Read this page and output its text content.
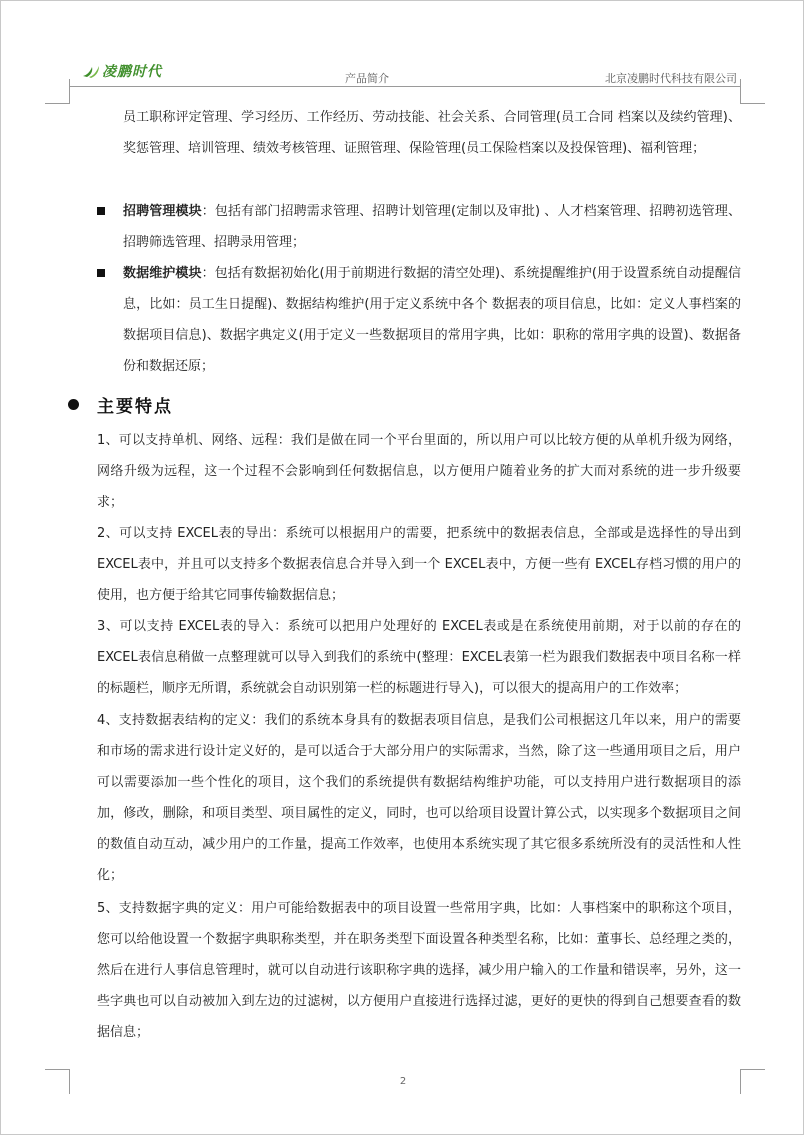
凌鹏时代	产品简介	北京凌鹏时代科技有限公司

员工职称评定管理、学习经历、工作经历、劳动技能、社会关系、合同管理(员工合同 档案以及续约管理)、奖惩管理、培训管理、绩效考核管理、证照管理、保险管理(员工保险档案以及投保管理)、福利管理；

招聘管理模块：包括有部门招聘需求管理、招聘计划管理(定制以及审批) 、人才档案管理、招聘初选管理、招聘筛选管理、招聘录用管理；

数据维护模块：包括有数据初始化(用于前期进行数据的清空处理)、系统提醒维护(用于设置系统自动提醒信息，比如：员工生日提醒)、数据结构维护(用于定义系统中各个 数据表的项目信息，比如：定义人事档案的数据项目信息)、数据字典定义(用于定义一些数据项目的常用字典，比如：职称的常用字典的设置)、数据备份和数据还原；

主要特点

1、可以支持单机、网络、远程：我们是做在同一个平台里面的，所以用户可以比较方便的从单机升级为网络，网络升级为远程，这一个过程不会影响到任何数据信息，以方便用户随着业务的扩大而对系统的进一步升级要求；

2、可以支持 EXCEL表的导出：系统可以根据用户的需要，把系统中的数据表信息，全部或是选择性的导出到 EXCEL表中，并且可以支持多个数据表信息合并导入到一个 EXCEL表中，方便一些有 EXCEL存档习惯的用户的使用，也方便于给其它同事传输数据信息；

3、可以支持 EXCEL表的导入：系统可以把用户处理好的 EXCEL表或是在系统使用前期，对于以前的存在的 EXCEL表信息稍做一点整理就可以导入到我们的系统中(整理：EXCEL表第一栏为跟我们数据表中项目名称一样的标题栏，顺序无所谓，系统就会自动识别第一栏的标题进行导入)，可以很大的提高用户的工作效率；

4、支持数据表结构的定义：我们的系统本身具有的数据表项目信息，是我们公司根据这几年以来，用户的需要和市场的需求进行设计定义好的，是可以适合于大部分用户的实际需求，当然，除了这一些通用项目之后，用户可以需要添加一些个性化的项目，这个我们的系统提供有数据结构维护功能，可以支持用户进行数据项目的添加，修改，删除，和项目类型、项目属性的定义，同时，也可以给项目设置计算公式，以实现多个数据项目之间的数值自动互动，减少用户的工作量，提高工作效率，也使用本系统实现了其它很多系统所没有的灵活性和人性化；

5、支持数据字典的定义：用户可能给数据表中的项目设置一些常用字典，比如：人事档案中的职称这个项目，您可以给他设置一个数据字典职称类型，并在职务类型下面设置各种类型名称，比如：董事长、总经理之类的，然后在进行人事信息管理时，就可以自动进行该职称字典的选择，减少用户输入的工作量和错误率，另外，这一些字典也可以自动被加入到左边的过滤树，以方便用户直接进行选择过滤，更好的更快的得到自己想要查看的数据信息；

2
